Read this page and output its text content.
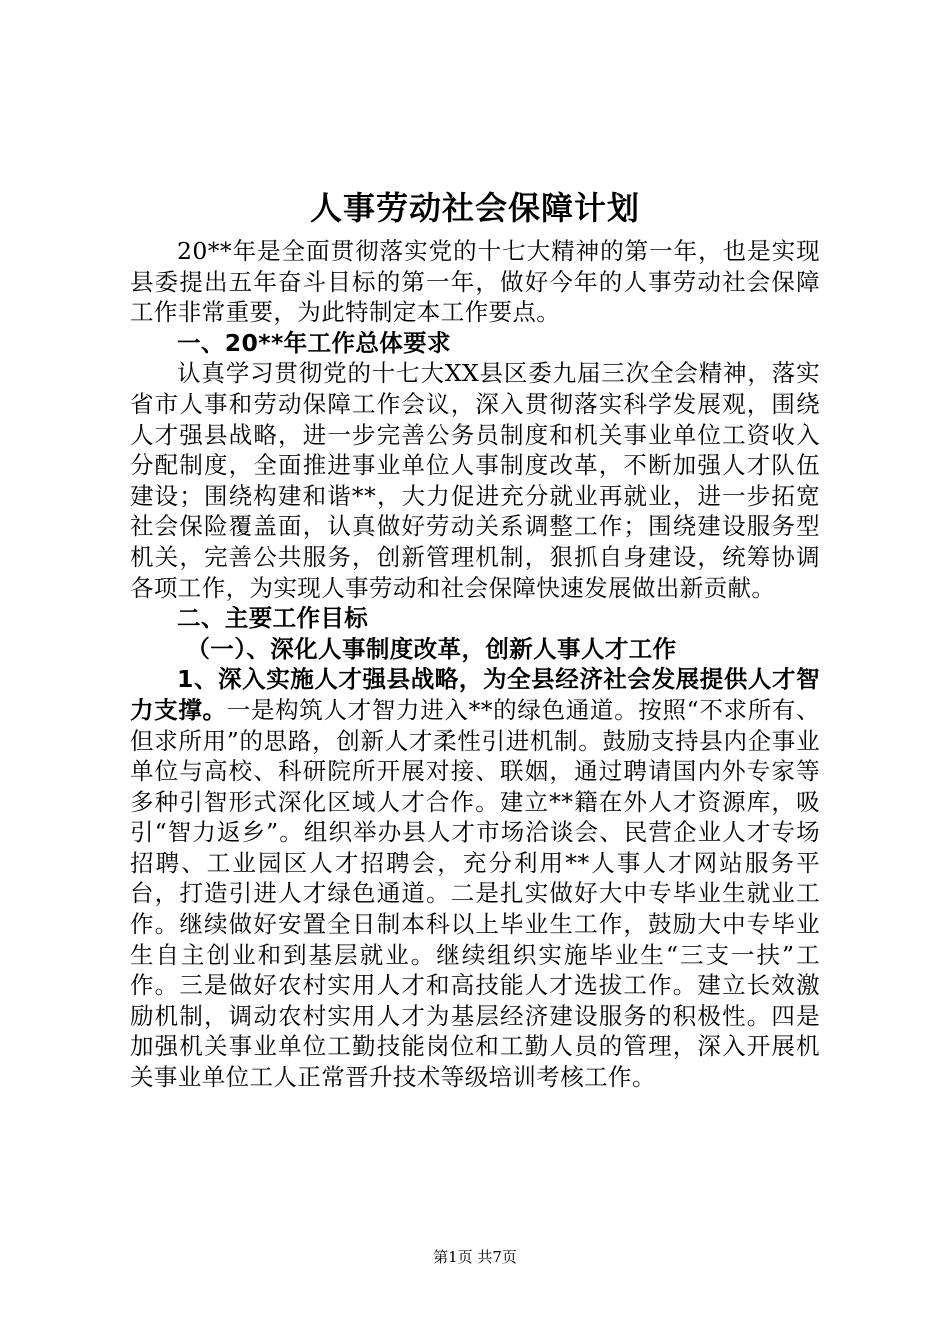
人事劳动社会保障计划

20**年是全面贯彻落实党的十七大精神的第一年，也是实现县委提出五年奋斗目标的第一年，做好今年的人事劳动社会保障工作非常重要，为此特制定本工作要点。

一、20**年工作总体要求

认真学习贯彻党的十七大XX县区委九届三次全会精神，落实省市人事和劳动保障工作会议，深入贯彻落实科学发展观，围绕人才强县战略，进一步完善公务员制度和机关事业单位工资收入分配制度，全面推进事业单位人事制度改革，不断加强人才队伍建设；围绕构建和谐**，大力促进充分就业再就业，进一步拓宽社会保险覆盖面，认真做好劳动关系调整工作；围绕建设服务型机关，完善公共服务，创新管理机制，狠抓自身建设，统筹协调各项工作，为实现人事劳动和社会保障快速发展做出新贡献。

二、主要工作目标
（一）、深化人事制度改革，创新人事人才工作

1、深入实施人才强县战略，为全县经济社会发展提供人才智力支撑。一是构筑人才智力进入**的绿色通道。按照“不求所有、但求所用”的思路，创新人才柔性引进机制。鼓励支持县内企事业单位与高校、科研院所开展对接、联姻，通过聘请国内外专家等多种引智形式深化区域人才合作。建立**籍在外人才资源库，吸引“智力返乡”。组织举办县人才市场洽谈会、民营企业人才专场招聘、工业园区人才招聘会，充分利用**人事人才网站服务平台，打造引进人才绿色通道。二是扎实做好大中专毕业生就业工作。继续做好安置全日制本科以上毕业生工作，鼓励大中专毕业生自主创业和到基层就业。继续组织实施毕业生“三支一扶”工作。三是做好农村实用人才和高技能人才选拔工作。建立长效激励机制，调动农村实用人才为基层经济建设服务的积极性。四是加强机关事业单位工勤技能岗位和工勤人员的管理，深入开展机关事业单位工人正常晋升技术等级培训考核工作。

第1页 共7页
